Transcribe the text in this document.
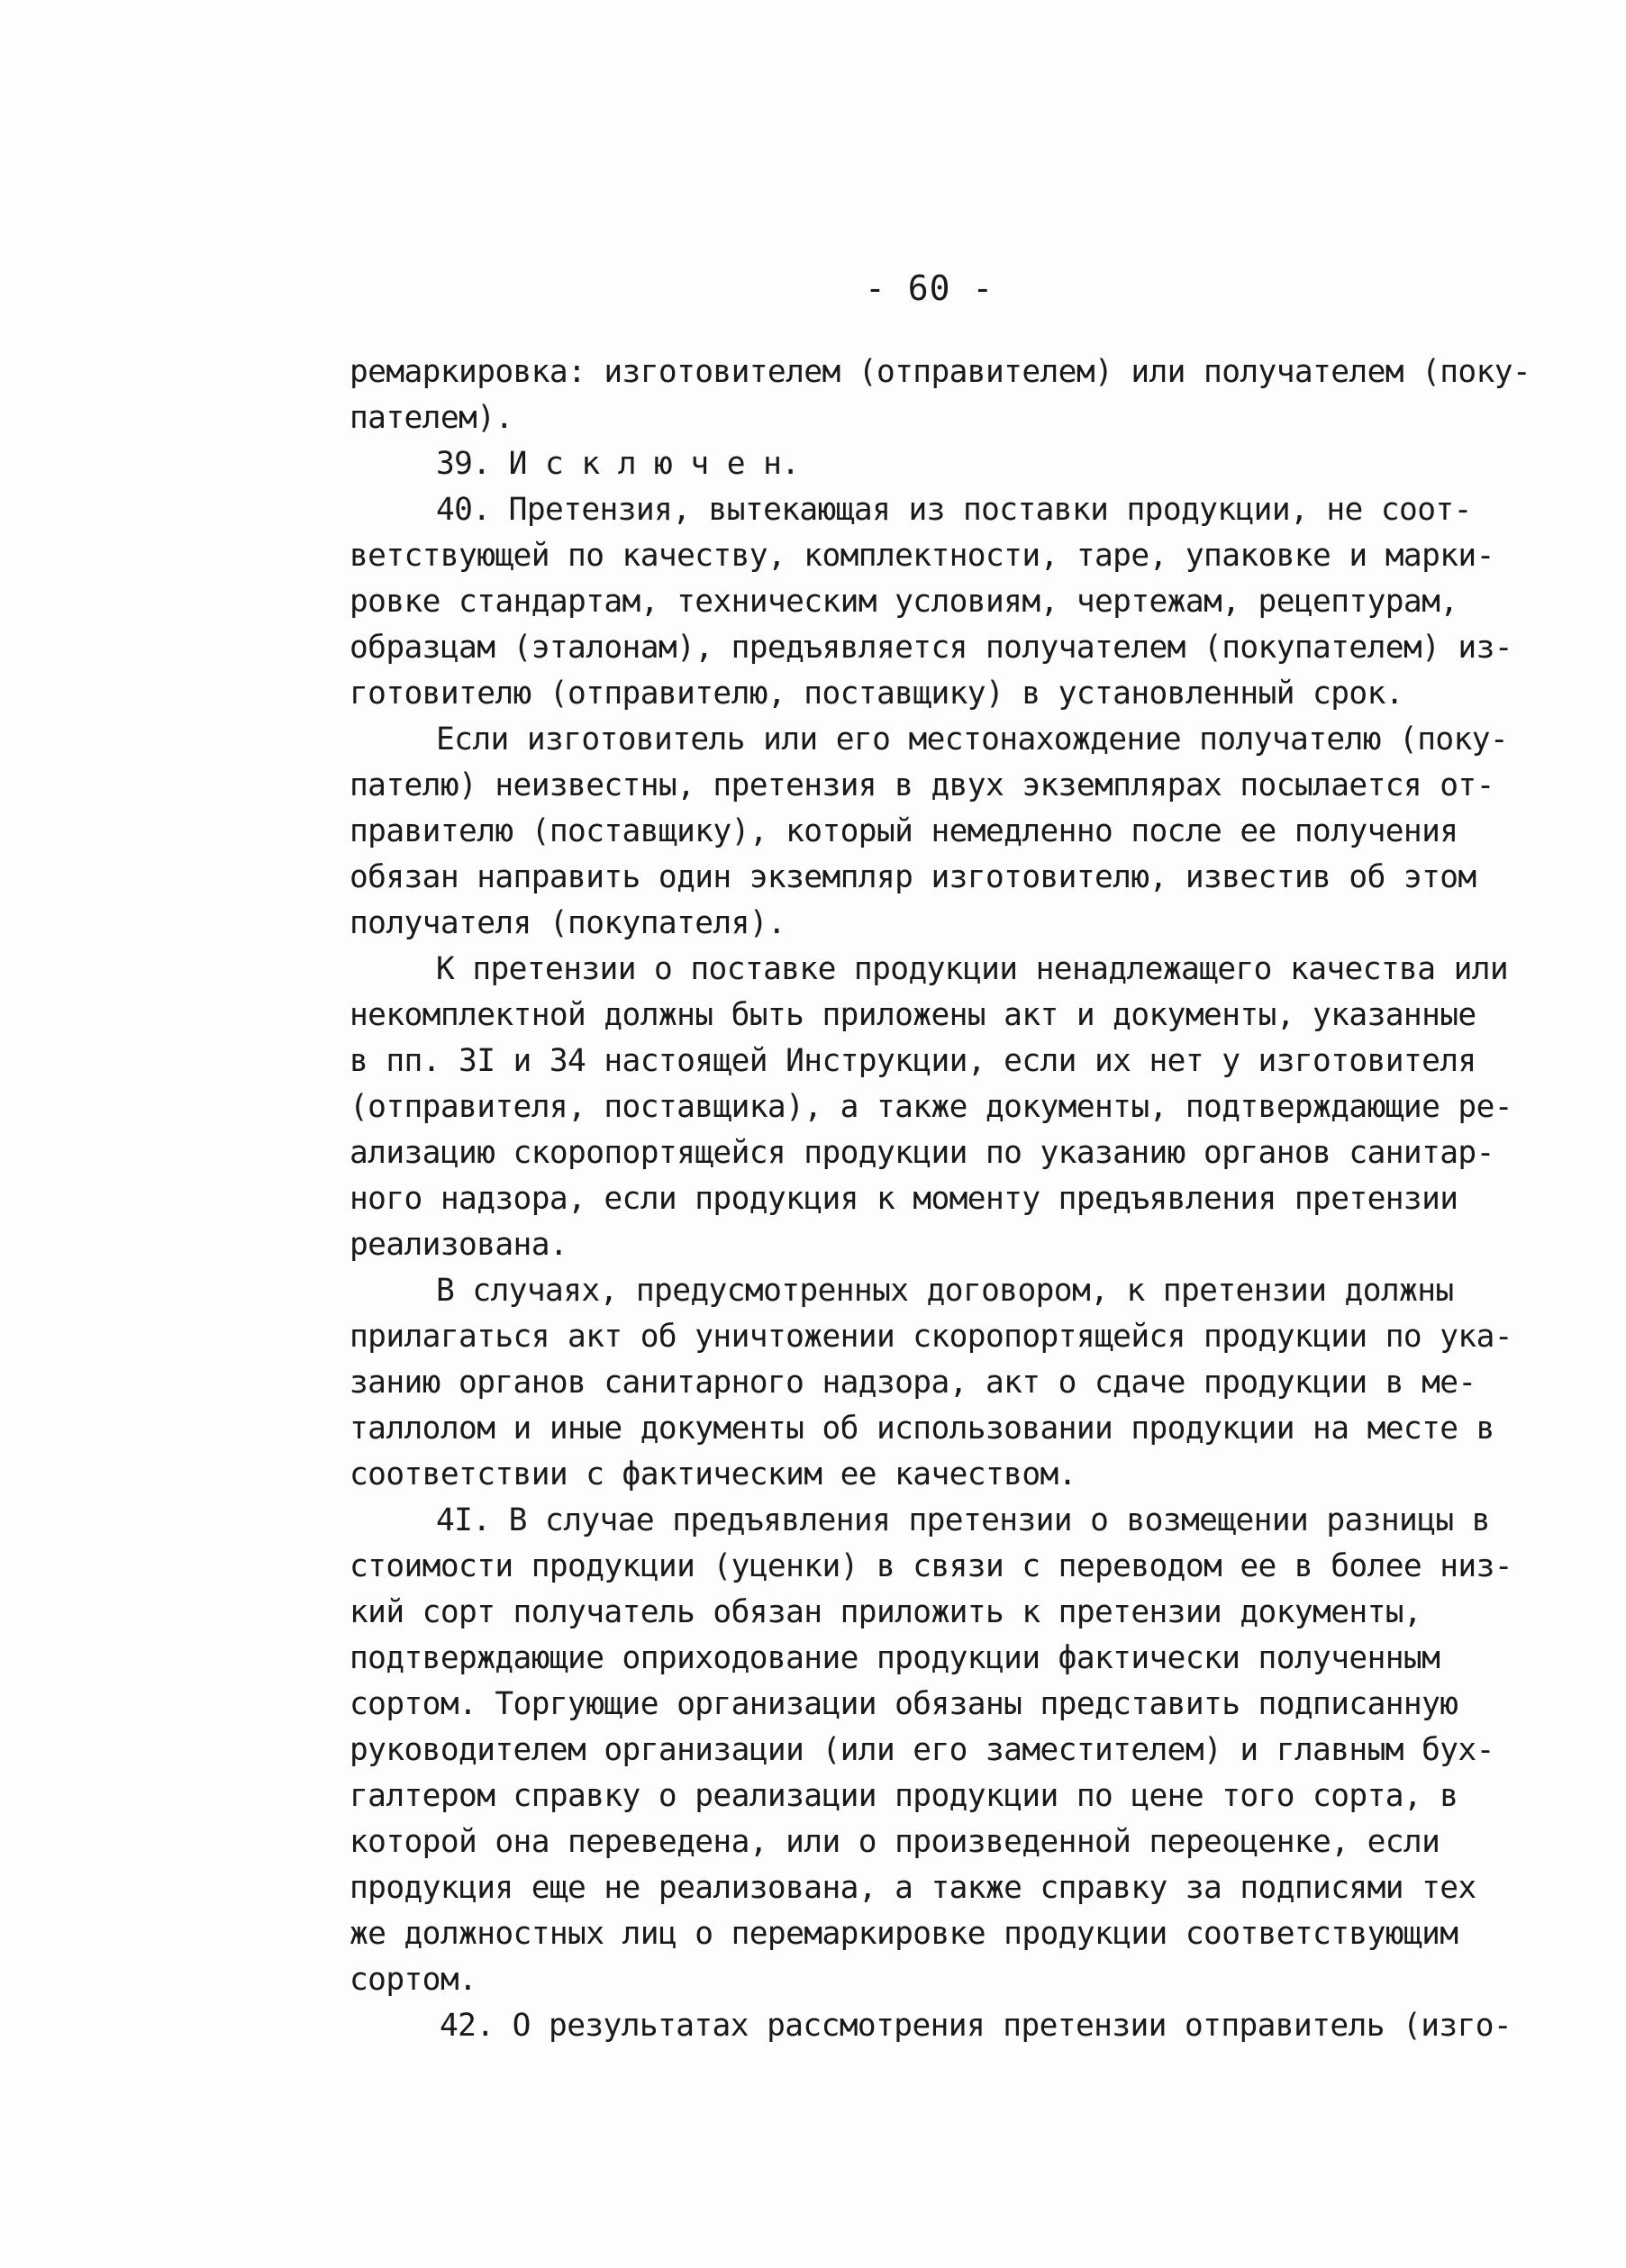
- 60 -
ремаркировка: изготовителем (отправителем) или получателем (поку-
пателем).
39. И с к л ю ч е н.
40. Претензия, вытекающая из поставки продукции, не соот-
ветствующей по качеству, комплектности, таре, упаковке и марки-
ровке стандартам, техническим условиям, чертежам, рецептурам,
образцам (эталонам), предъявляется получателем (покупателем) из-
готовителю (отправителю, поставщику) в установленный срок.
Если изготовитель или его местонахождение получателю (поку-
пателю) неизвестны, претензия в двух экземплярах посылается от-
правителю (поставщику), который немедленно после ее получения
обязан направить один экземпляр изготовителю, известив об этом
получателя (покупателя).
К претензии о поставке продукции ненадлежащего качества или
некомплектной должны быть приложены акт и документы, указанные
в пп. 3I и 34 настоящей Инструкции, если их нет у изготовителя
(отправителя, поставщика), а также документы, подтверждающие ре-
ализацию скоропортящейся продукции по указанию органов санитар-
ного надзора, если продукция к моменту предъявления претензии
реализована.
В случаях, предусмотренных договором, к претензии должны
прилагаться акт об уничтожении скоропортящейся продукции по ука-
занию органов санитарного надзора, акт о сдаче продукции в ме-
таллолом и иные документы об использовании продукции на месте в
соответствии с фактическим ее качеством.
4I. В случае предъявления претензии о возмещении разницы в
стоимости продукции (уценки) в связи с переводом ее в более низ-
кий сорт получатель обязан приложить к претензии документы,
подтверждающие оприходование продукции фактически полученным
сортом. Торгующие организации обязаны представить подписанную
руководителем организации (или его заместителем) и главным бух-
галтером справку о реализации продукции по цене того сорта, в
которой она переведена, или о произведенной переоценке, если
продукция еще не реализована, а также справку за подписями тех
же должностных лиц о перемаркировке продукции соответствующим
сортом.
42. О результатах рассмотрения претензии отправитель (изго-
